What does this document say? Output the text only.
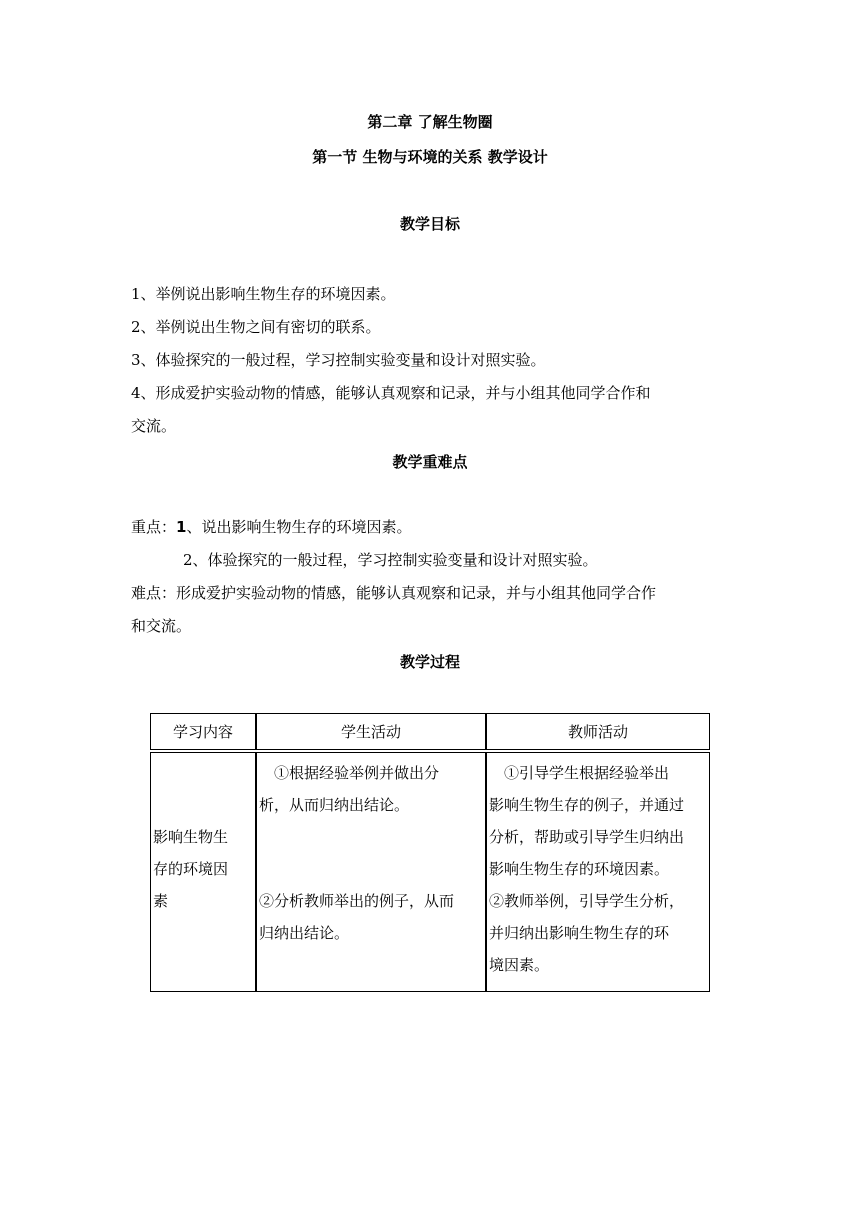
第二章 了解生物圈
第一节 生物与环境的关系 教学设计
教学目标
1、举例说出影响生物生存的环境因素。
2、举例说出生物之间有密切的联系。
3、体验探究的一般过程，学习控制实验变量和设计对照实验。
4、形成爱护实验动物的情感，能够认真观察和记录，并与小组其他同学合作和
交流。
教学重难点
重点：1、说出影响生物生存的环境因素。
2、体验探究的一般过程，学习控制实验变量和设计对照实验。
难点：形成爱护实验动物的情感，能够认真观察和记录，并与小组其他同学合作
和交流。
教学过程
学习内容	学生活动	教师活动
影响生物生
存的环境因
素
　①根据经验举例并做出分
析，从而归纳出结论。
②分析教师举出的例子，从而
归纳出结论。
　①引导学生根据经验举出
影响生物生存的例子，并通过
分析，帮助或引导学生归纳出
影响生物生存的环境因素。
②教师举例，引导学生分析，
并归纳出影响生物生存的环
境因素。
